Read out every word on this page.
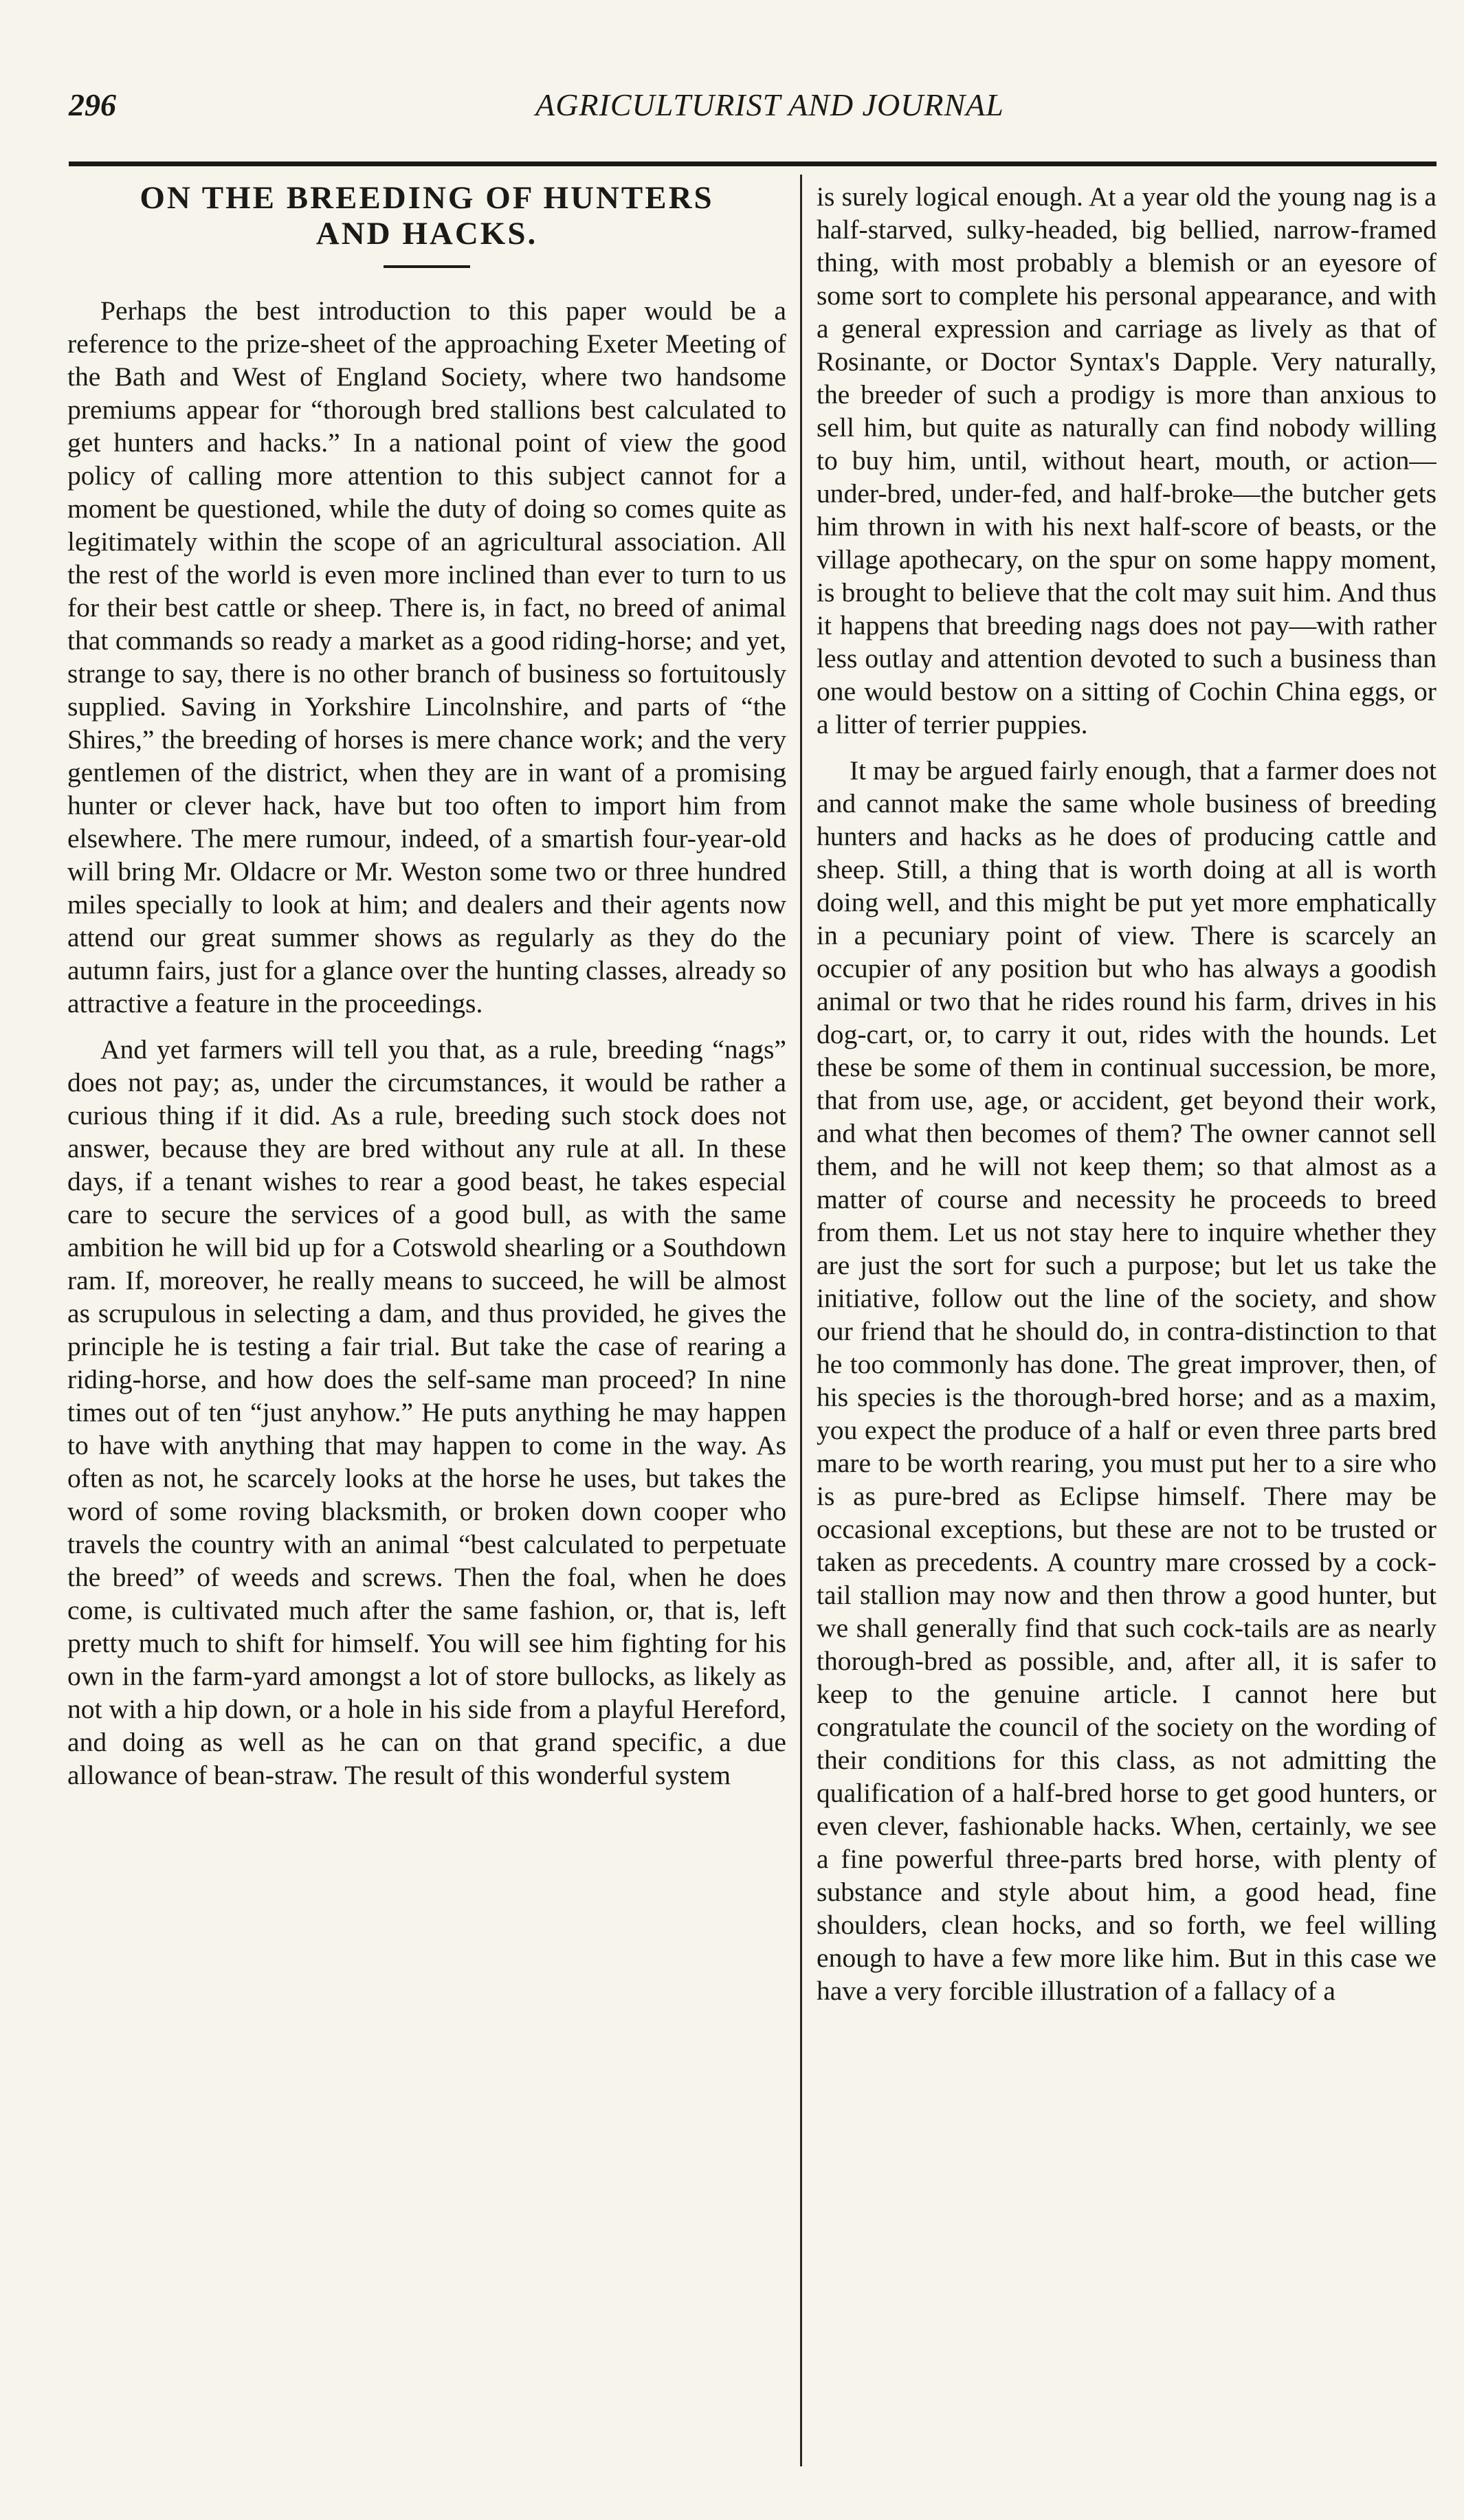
296	AGRICULTURIST AND JOURNAL
ON THE BREEDING OF HUNTERS
AND HACKS.

Perhaps the best introduction to this paper would be a reference to the prize-sheet of the approaching Exeter Meeting of the Bath and West of England Society, where two handsome premiums appear for “thorough bred stallions best calculated to get hunters and hacks.” In a national point of view the good policy of calling more attention to this subject cannot for a moment be questioned, while the duty of doing so comes quite as legitimately within the scope of an agricultural association. All the rest of the world is even more inclined than ever to turn to us for their best cattle or sheep. There is, in fact, no breed of animal that commands so ready a market as a good riding-horse; and yet, strange to say, there is no other branch of business so fortuitously supplied. Saving in Yorkshire Lincolnshire, and parts of “the Shires,” the breeding of horses is mere chance work; and the very gentlemen of the district, when they are in want of a promising hunter or clever hack, have but too often to import him from elsewhere. The mere rumour, indeed, of a smartish four-year-old will bring Mr. Oldacre or Mr. Weston some two or three hundred miles specially to look at him; and dealers and their agents now attend our great summer shows as regularly as they do the autumn fairs, just for a glance over the hunting classes, already so attractive a feature in the proceedings.

And yet farmers will tell you that, as a rule, breeding “nags” does not pay; as, under the circumstances, it would be rather a curious thing if it did. As a rule, breeding such stock does not answer, because they are bred without any rule at all. In these days, if a tenant wishes to rear a good beast, he takes especial care to secure the services of a good bull, as with the same ambition he will bid up for a Cotswold shearling or a Southdown ram. If, moreover, he really means to succeed, he will be almost as scrupulous in selecting a dam, and thus provided, he gives the principle he is testing a fair trial. But take the case of rearing a riding-horse, and how does the self-same man proceed? In nine times out of ten “just anyhow.” He puts anything he may happen to have with anything that may happen to come in the way. As often as not, he scarcely looks at the horse he uses, but takes the word of some roving blacksmith, or broken down cooper who travels the country with an animal “best calculated to perpetuate the breed” of weeds and screws. Then the foal, when he does come, is cultivated much after the same fashion, or, that is, left pretty much to shift for himself. You will see him fighting for his own in the farm-yard amongst a lot of store bullocks, as likely as not with a hip down, or a hole in his side from a playful Hereford, and doing as well as he can on that grand specific, a due allowance of bean-straw. The result of this wonderful system

is surely logical enough. At a year old the young nag is a half-starved, sulky-headed, big bellied, narrow-framed thing, with most probably a blemish or an eyesore of some sort to complete his personal appearance, and with a general expression and carriage as lively as that of Rosinante, or Doctor Syntax's Dapple. Very naturally, the breeder of such a prodigy is more than anxious to sell him, but quite as naturally can find nobody willing to buy him, until, without heart, mouth, or action—under-bred, under-fed, and half-broke—the butcher gets him thrown in with his next half-score of beasts, or the village apothecary, on the spur on some happy moment, is brought to believe that the colt may suit him. And thus it happens that breeding nags does not pay—with rather less outlay and attention devoted to such a business than one would bestow on a sitting of Cochin China eggs, or a litter of terrier puppies.

It may be argued fairly enough, that a farmer does not and cannot make the same whole business of breeding hunters and hacks as he does of producing cattle and sheep. Still, a thing that is worth doing at all is worth doing well, and this might be put yet more emphatically in a pecuniary point of view. There is scarcely an occupier of any position but who has always a goodish animal or two that he rides round his farm, drives in his dog-cart, or, to carry it out, rides with the hounds. Let these be some of them in continual succession, be more, that from use, age, or accident, get beyond their work, and what then becomes of them? The owner cannot sell them, and he will not keep them; so that almost as a matter of course and necessity he proceeds to breed from them. Let us not stay here to inquire whether they are just the sort for such a purpose; but let us take the initiative, follow out the line of the society, and show our friend that he should do, in contra-distinction to that he too commonly has done. The great improver, then, of his species is the thorough-bred horse; and as a maxim, you expect the produce of a half or even three parts bred mare to be worth rearing, you must put her to a sire who is as pure-bred as Eclipse himself. There may be occasional exceptions, but these are not to be trusted or taken as precedents. A country mare crossed by a cock-tail stallion may now and then throw a good hunter, but we shall generally find that such cock-tails are as nearly thorough-bred as possible, and, after all, it is safer to keep to the genuine article. I cannot here but congratulate the council of the society on the wording of their conditions for this class, as not admitting the qualification of a half-bred horse to get good hunters, or even clever, fashionable hacks. When, certainly, we see a fine powerful three-parts bred horse, with plenty of substance and style about him, a good head, fine shoulders, clean hocks, and so forth, we feel willing enough to have a few more like him. But in this case we have a very forcible illustration of a fallacy of a
